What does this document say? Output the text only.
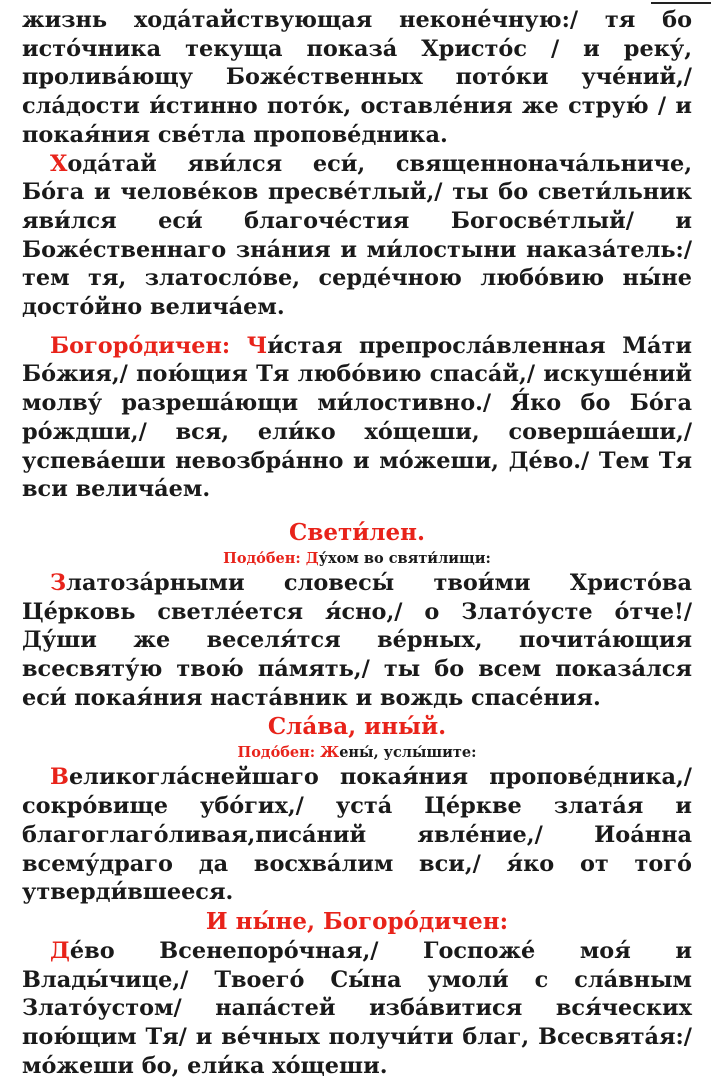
жизнь хода́тайствующая неконе́чную:/ тя бо исто́чника текуща показа́ Христо́с / и реку́, пролива́ющу Боже́ственных пото́ки уче́ний,/ сла́дости и́стинно пото́к, оставле́ния же струю́ / и покая́ния све́тла пропове́дника.

Хода́тай яви́лся еси́, священнонача́льниче, Бо́га и челове́ков пресве́тлый,/ ты бо свети́льник яви́лся еси́ благоче́стия Богосве́тлый/ и Боже́ственнаго зна́ния и ми́лостыни наказа́тель:/ тем тя, златосло́ве, серде́чною любо́вию ны́не досто́йно велича́ем.

Богоро́дичен: Чи́стая препросла́вленная Ма́ти Бо́жия,/ пою́щия Тя любо́вию спаса́й,/ искуше́ний молву́ разреша́ющи ми́лостивно./ Я́ко бо Бо́га ро́ждши,/ вся, ели́ко хо́щеши, соверша́еши,/ успева́еши невозбра́нно и мо́жеши, Де́во./ Тем Тя вси велича́ем.

Свети́лен.
Подо́бен: Ду́хом во святи́лищи:

Златоза́рными словесы́ твои́ми Христо́ва Це́рковь светле́ется я́сно,/ о Злато́усте о́тче!/ Ду́ши же веселя́тся ве́рных, почита́ющия всесвяту́ю твою́ па́мять,/ ты бо всем показа́лся еси́ покая́ния наста́вник и вождь спасе́ния.

Сла́ва, ины́й.
Подо́бен: Жены́, услы́шите:

Великогла́снейшаго покая́ния пропове́дника,/ сокро́вище убо́гих,/ уста́ Це́ркве злата́я и благоглаго́ливая,писа́ний явле́ние,/ Иоа́нна всему́драго да восхва́лим вси,/ я́ко от того́ утверди́вшееся.

И ны́не, Богоро́дичен:

Де́во Всенепоро́чная,/ Госпоже́ моя́ и Влады́чице,/ Твоего́ Сы́на умоли́ с сла́вным Злато́устом/ напа́стей изба́витися вся́ческих пою́щим Тя/ и ве́чных получи́ти благ, Всесвята́я:/ мо́жеши бо, ели́ка хо́щеши.
